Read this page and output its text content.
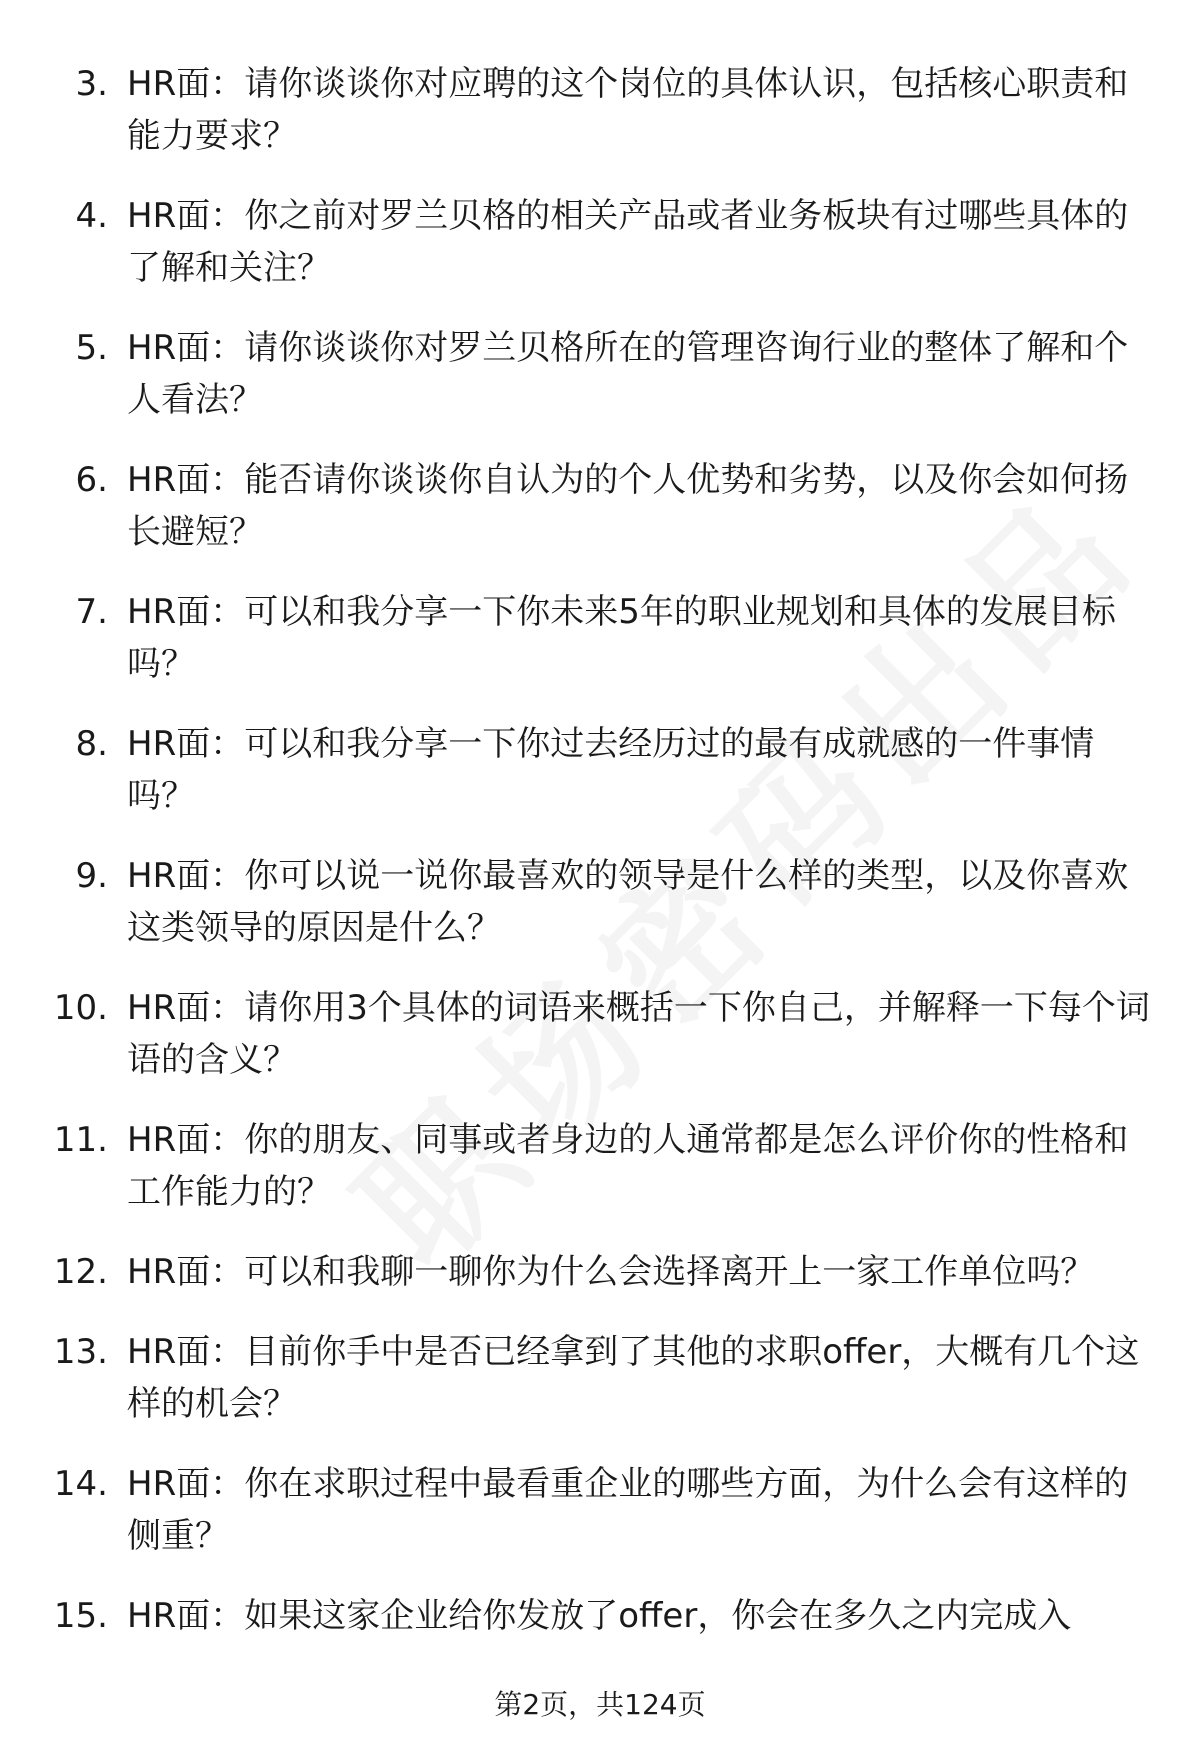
3. HR面：请你谈谈你对应聘的这个岗位的具体认识，包括核心职责和能力要求？
4. HR面：你之前对罗兰贝格的相关产品或者业务板块有过哪些具体的了解和关注？
5. HR面：请你谈谈你对罗兰贝格所在的管理咨询行业的整体了解和个人看法？
6. HR面：能否请你谈谈你自认为的个人优势和劣势，以及你会如何扬长避短？
7. HR面：可以和我分享一下你未来5年的职业规划和具体的发展目标吗？
8. HR面：可以和我分享一下你过去经历过的最有成就感的一件事情吗？
9. HR面：你可以说一说你最喜欢的领导是什么样的类型，以及你喜欢这类领导的原因是什么？
10. HR面：请你用3个具体的词语来概括一下你自己，并解释一下每个词语的含义？
11. HR面：你的朋友、同事或者身边的人通常都是怎么评价你的性格和工作能力的？
12. HR面：可以和我聊一聊你为什么会选择离开上一家工作单位吗？
13. HR面：目前你手中是否已经拿到了其他的求职offer，大概有几个这样的机会？
14. HR面：你在求职过程中最看重企业的哪些方面，为什么会有这样的侧重？
15. HR面：如果这家企业给你发放了offer，你会在多久之内完成入
第2页，共124页
